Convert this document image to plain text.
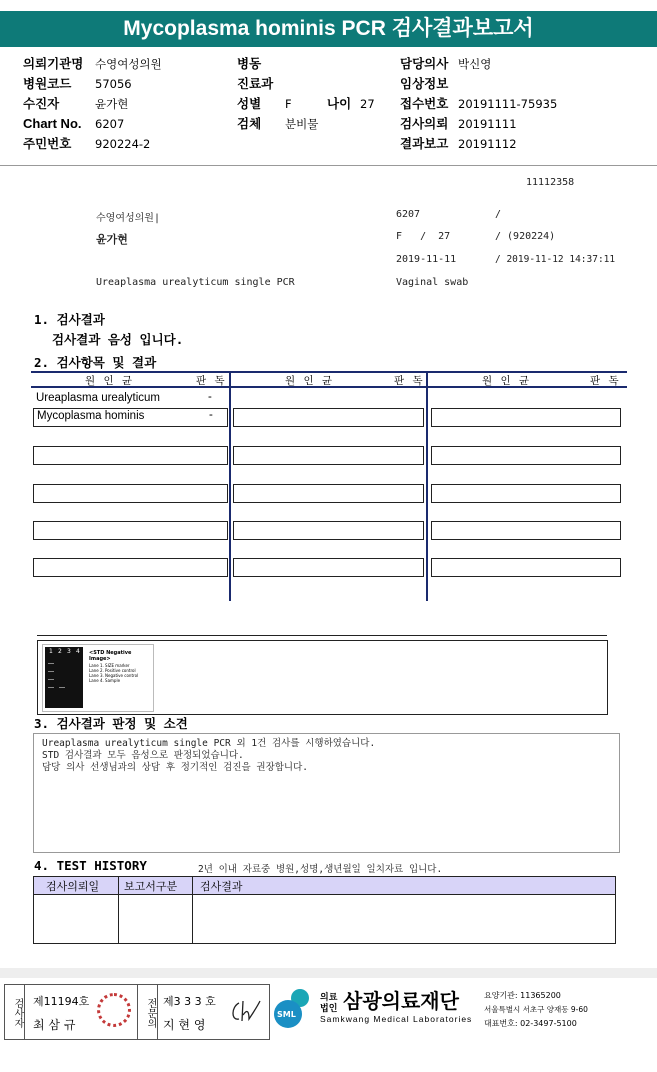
Mycoplasma hominis PCR 검사결과보고서
의뢰기관명 수영여성의원
병원코드 57056
수진자	윤가현
Chart No. 6207
주민번호 920224-2
병동
진료과
성별 F	나이 27
검체 분비물
담당의사 박신영
임상정보
접수번호 20191111-75935
검사의뢰 20191111
결과보고 20191112
11112358
수영여성의원|	6207	/
윤가현	F   /  27	/ (920224)
2019-11-11	/ 2019-11-12 14:37:11
Ureaplasma urealyticum single PCR	Vaginal swab
1. 검사결과
검사결과 음성 입니다.
2. 검사항목 및 결과
원 인 균	판 독	원 인 균	판 독	원 인 균	판 독
Ureaplasma urealyticum	-
Mycoplasma hominis	-
1 2 3 4 <STD Negative Image>
Lane 1. SIZE marker
Lane 2. Positive control
Lane 3. Negative control
Lane 4. Sample
3. 검사결과 판정 및 소견
Ureaplasma urealyticum single PCR 외 1건 검사를 시행하였습니다.
STD 검사결과 모두 음성으로 판정되었습니다.
담당 의사 선생님과의 상담 후 정기적인 검진을 권장합니다.
4. TEST HISTORY	2년 이내 자료중 병원,성명,생년월일 일치자료 입니다.
검사의뢰일 보고서구분 검사결과
검사자 제11194호
최 삼 규	전문의 제3 3 3 호
지 현 영
SML
의료
법인 삼광의료재단
Samkwang Medical Laboratories
요양기관: 11365200
서울특별시 서초구 양재동 9-60
대표번호: 02-3497-5100
